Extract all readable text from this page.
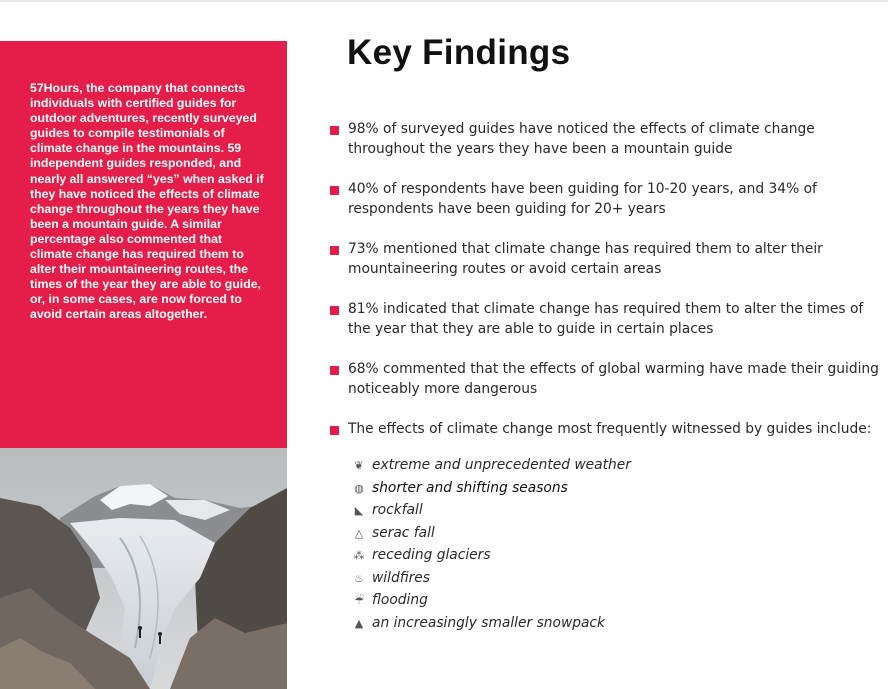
57Hours, the company that connects individuals with certified guides for outdoor adventures, recently surveyed guides to compile testimonials of climate change in the mountains. 59 independent guides responded, and nearly all answered “yes” when asked if they have noticed the effects of climate change throughout the years they have been a mountain guide. A similar percentage also commented that climate change has required them to alter their mountaineering routes, the times of the year they are able to guide, or, in some cases, are now forced to avoid certain areas altogether.

Key Findings
98% of surveyed guides have noticed the effects of climate change throughout the years they have been a mountain guide
40% of respondents have been guiding for 10-20 years, and 34% of respondents have been guiding for 20+ years
73% mentioned that climate change has required them to alter their mountaineering routes or avoid certain areas
81% indicated that climate change has required them to alter the times of the year that they are able to guide in certain places
68% commented that the effects of global warming have made their guiding noticeably more dangerous
The effects of climate change most frequently witnessed by guides include:
❦ extreme and unprecedented weather
◍ shorter and shifting seasons
◣ rockfall
△ serac fall
⁂ receding glaciers
♨ wildfires
☔ flooding
▲ an increasingly smaller snowpack
